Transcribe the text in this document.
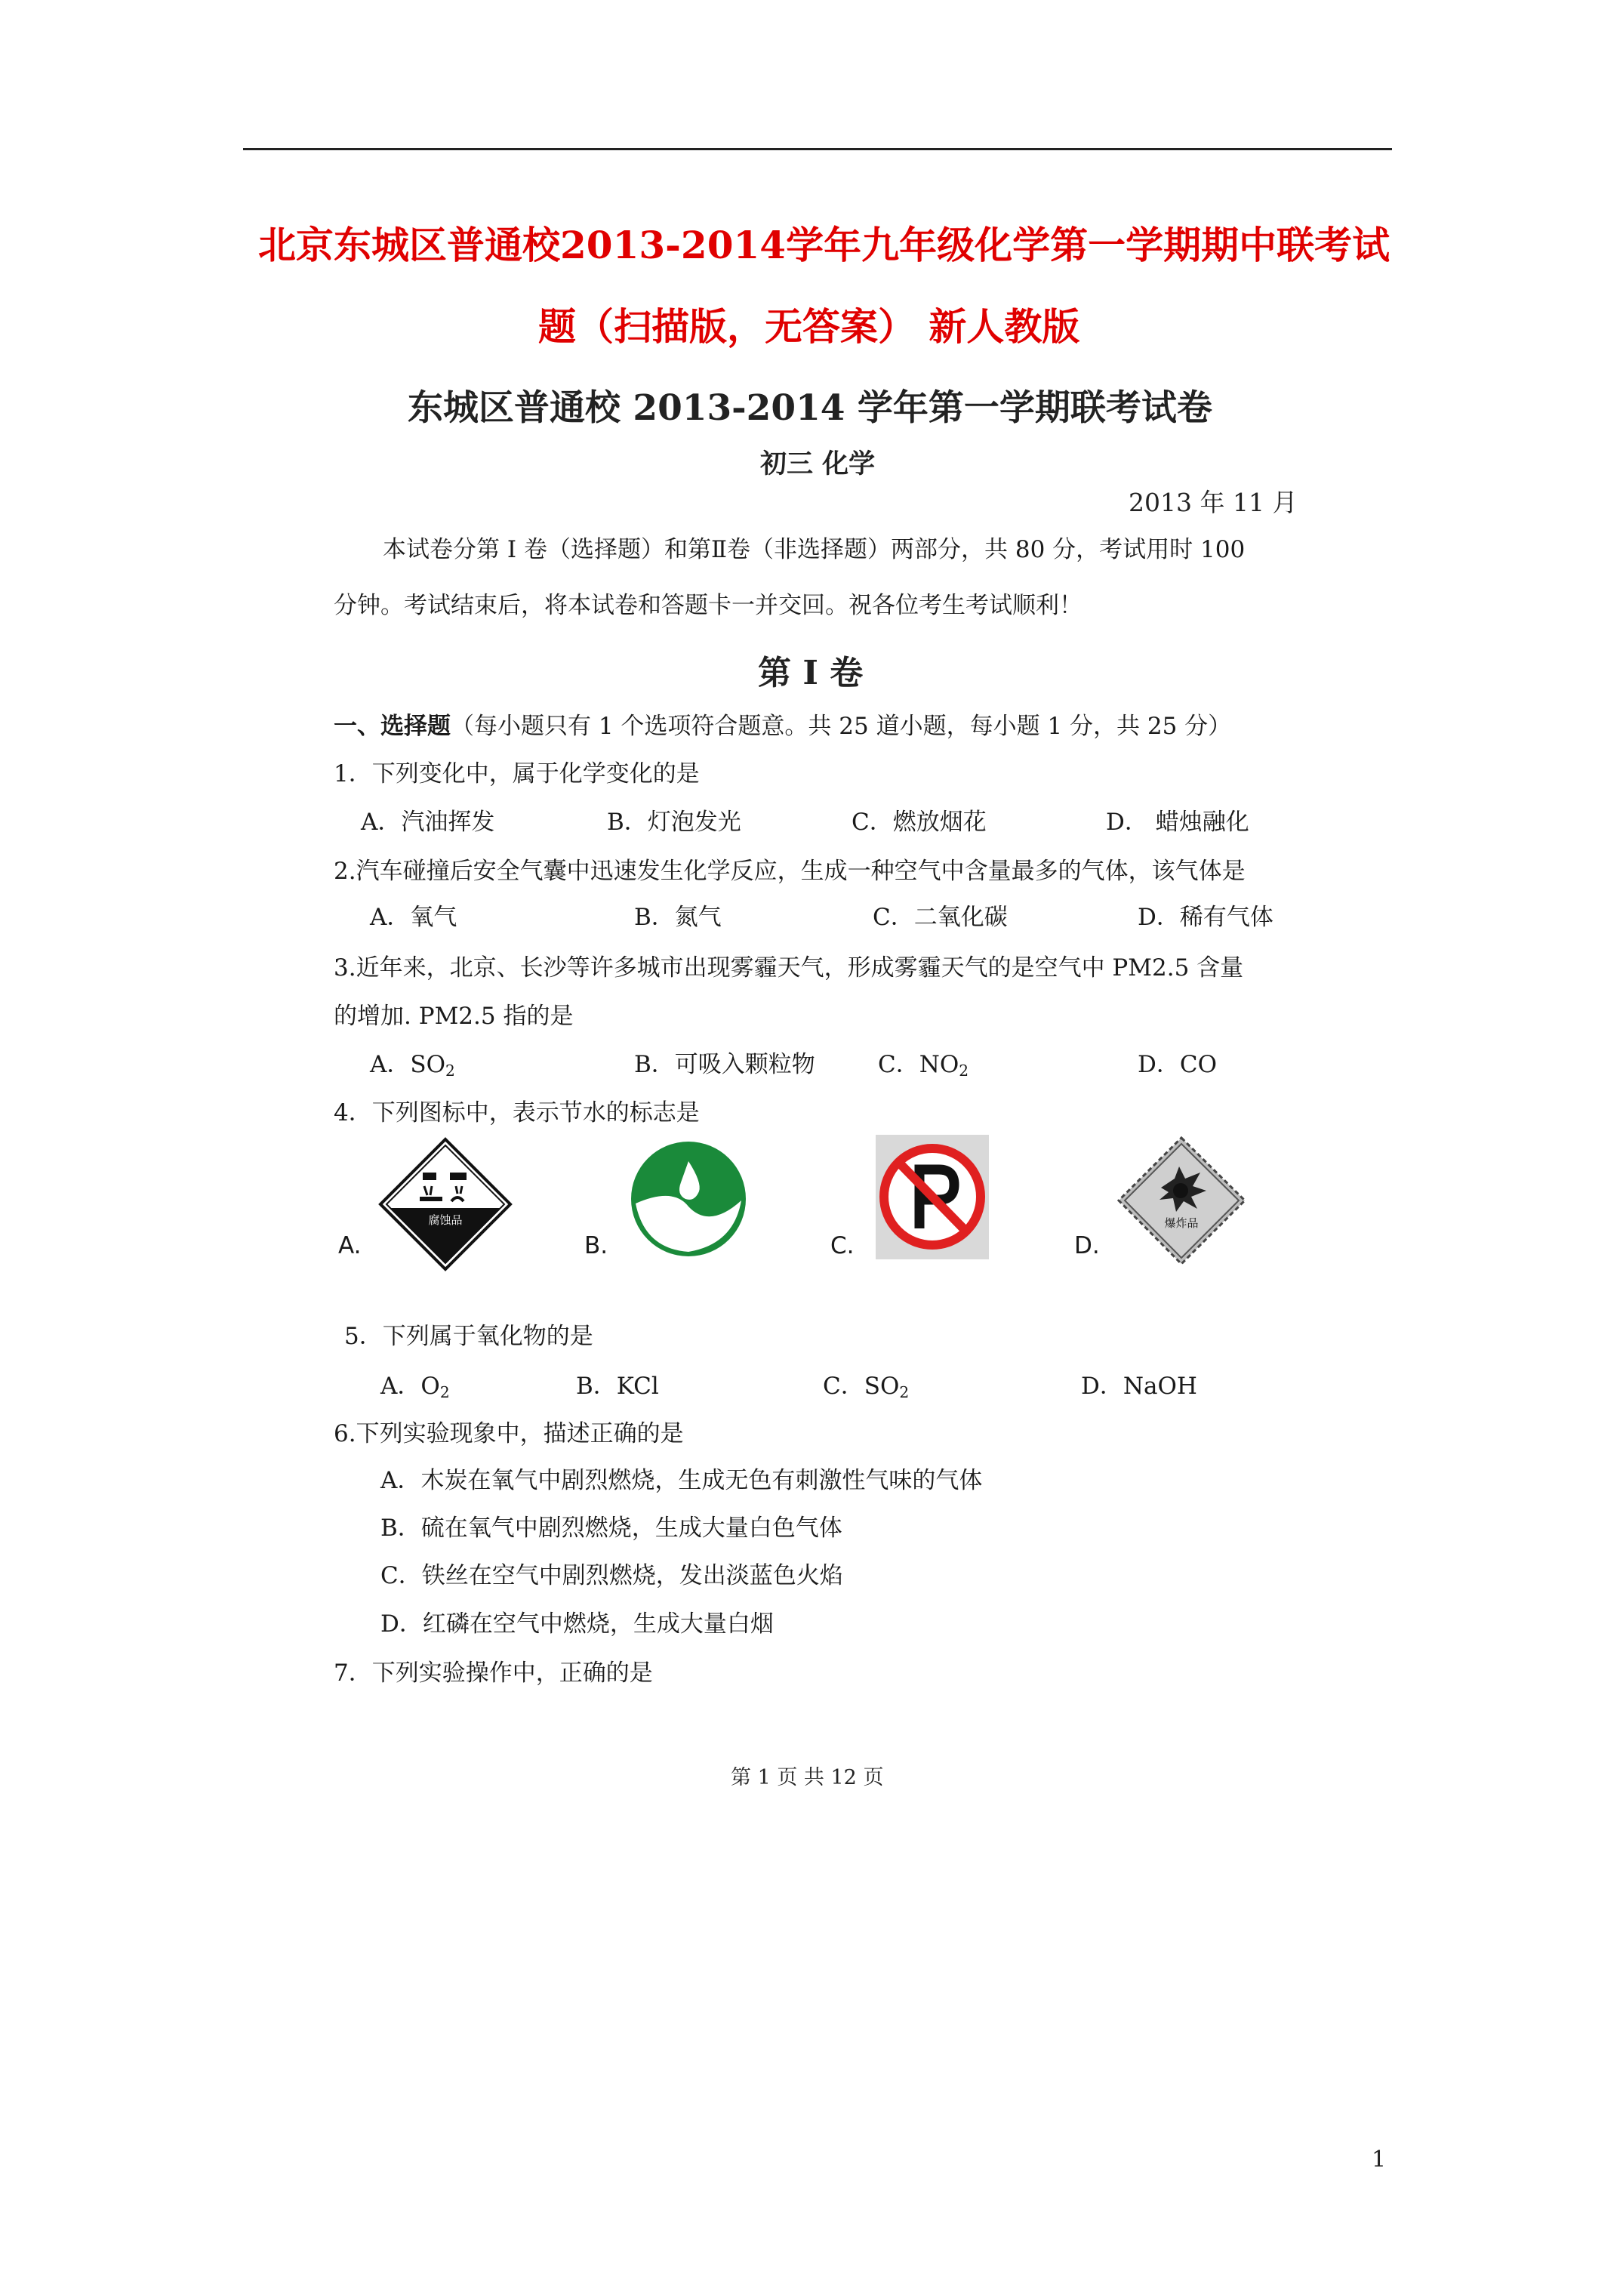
北京东城区普通校2013-2014学年九年级化学第一学期期中联考试
题（扫描版，无答案） 新人教版
东城区普通校 2013-2014 学年第一学期联考试卷
初三 化学
2013 年 11 月
本试卷分第 I 卷（选择题）和第Ⅱ卷（非选择题）两部分，共 80 分，考试用时 100
分钟。考试结束后，将本试卷和答题卡一并交回。祝各位考生考试顺利！
第 I 卷
一、选择题（每小题只有 1 个选项符合题意。共 25 道小题，每小题 1 分，共 25 分）
1．下列变化中，属于化学变化的是
A．汽油挥发	B．灯泡发光	C．燃放烟花	D． 蜡烛融化
2.汽车碰撞后安全气囊中迅速发生化学反应，生成一种空气中含量最多的气体，该气体是
A．氧气	B．氮气	C．二氧化碳	D．稀有气体
3.近年来，北京、长沙等许多城市出现雾霾天气，形成雾霾天气的是空气中 PM2.5 含量
的增加. PM2.5 指的是
A．$SO_2$	B．可吸入颗粒物	C．$NO_2$	D．CO
4．下列图标中，表示节水的标志是
腐蚀品	爆炸品
A.	B.	C.	D.
5．下列属于氧化物的是
A．$O_2$	B．KCl	C．$SO_2$	D．NaOH
6.下列实验现象中，描述正确的是
A．木炭在氧气中剧烈燃烧，生成无色有刺激性气味的气体
B．硫在氧气中剧烈燃烧，生成大量白色气体
C．铁丝在空气中剧烈燃烧，发出淡蓝色火焰
D．红磷在空气中燃烧，生成大量白烟
7．下列实验操作中，正确的是
第 1 页 共 12 页
1
